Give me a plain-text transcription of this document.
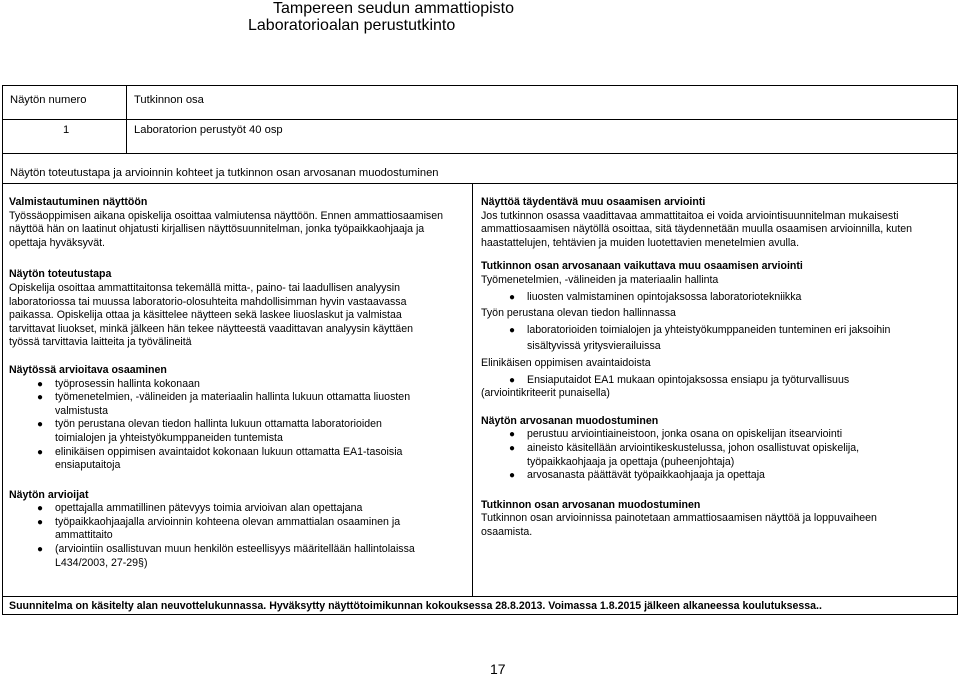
Tampereen seudun ammattiopisto
Laboratorioalan perustutkinto
Näytön numero	Tutkinnon osa
1	Laboratorion perustyöt 40 osp
Näytön toteutustapa ja arvioinnin kohteet ja tutkinnon osan arvosanan muodostuminen
Valmistautuminen näyttöön
Työssäoppimisen aikana opiskelija osoittaa valmiutensa näyttöön. Ennen ammattiosaamisen
näyttöä hän on laatinut ohjatusti kirjallisen näyttösuunnitelman, jonka työpaikkaohjaaja ja
opettaja hyväksyvät.
Näytön toteutustapa
Opiskelija osoittaa ammattitaitonsa tekemällä mitta-, paino- tai laadullisen analyysin
laboratoriossa tai muussa laboratorio-olosuhteita mahdollisimman hyvin vastaavassa
paikassa. Opiskelija ottaa ja käsittelee näytteen sekä laskee liuoslaskut ja valmistaa
tarvittavat liuokset, minkä jälkeen hän tekee näytteestä vaadittavan analyysin käyttäen
työssä tarvittavia laitteita ja työvälineitä
Näytössä arvioitava osaaminen
● työprosessin hallinta kokonaan
● työmenetelmien, -välineiden ja materiaalin hallinta lukuun ottamatta liuosten
valmistusta
● työn perustana olevan tiedon hallinta lukuun ottamatta laboratorioiden
toimialojen ja yhteistyökumppaneiden tuntemista
● elinikäisen oppimisen avaintaidot kokonaan lukuun ottamatta EA1-tasoisia
ensiaputaitoja
Näytön arvioijat
● opettajalla ammatillinen pätevyys toimia arvioivan alan opettajana
● työpaikkaohjaajalla arvioinnin kohteena olevan ammattialan osaaminen ja
ammattitaito
● (arviointiin osallistuvan muun henkilön esteellisyys määritellään hallintolaissa
L434/2003, 27-29§)
Näyttöä täydentävä muu osaamisen arviointi
Jos tutkinnon osassa vaadittavaa ammattitaitoa ei voida arviointisuunnitelman mukaisesti
ammattiosaamisen näytöllä osoittaa, sitä täydennetään muulla osaamisen arvioinnilla, kuten
haastattelujen, tehtävien ja muiden luotettavien menetelmien avulla.
Tutkinnon osan arvosanaan vaikuttava muu osaamisen arviointi
Työmenetelmien, -välineiden ja materiaalin hallinta
● liuosten valmistaminen opintojaksossa laboratoriotekniikka
Työn perustana olevan tiedon hallinnassa
● laboratorioiden toimialojen ja yhteistyökumppaneiden tunteminen eri jaksoihin
sisältyvissä yritysvierailuissa
Elinikäisen oppimisen avaintaidoista
● Ensiaputaidot EA1 mukaan opintojaksossa ensiapu ja työturvallisuus
(arviointikriteerit punaisella)
Näytön arvosanan muodostuminen
● perustuu arviointiaineistoon, jonka osana on opiskelijan itsearviointi
● aineisto käsitellään arviointikeskustelussa, johon osallistuvat opiskelija,
työpaikkaohjaaja ja opettaja (puheenjohtaja)
● arvosanasta päättävät työpaikkaohjaaja ja opettaja
Tutkinnon osan arvosanan muodostuminen
Tutkinnon osan arvioinnissa painotetaan ammattiosaamisen näyttöä ja loppuvaiheen
osaamista.
Suunnitelma on käsitelty alan neuvottelukunnassa. Hyväksytty näyttötoimikunnan kokouksessa 28.8.2013. Voimassa 1.8.2015 jälkeen alkaneessa koulutuksessa..
17
